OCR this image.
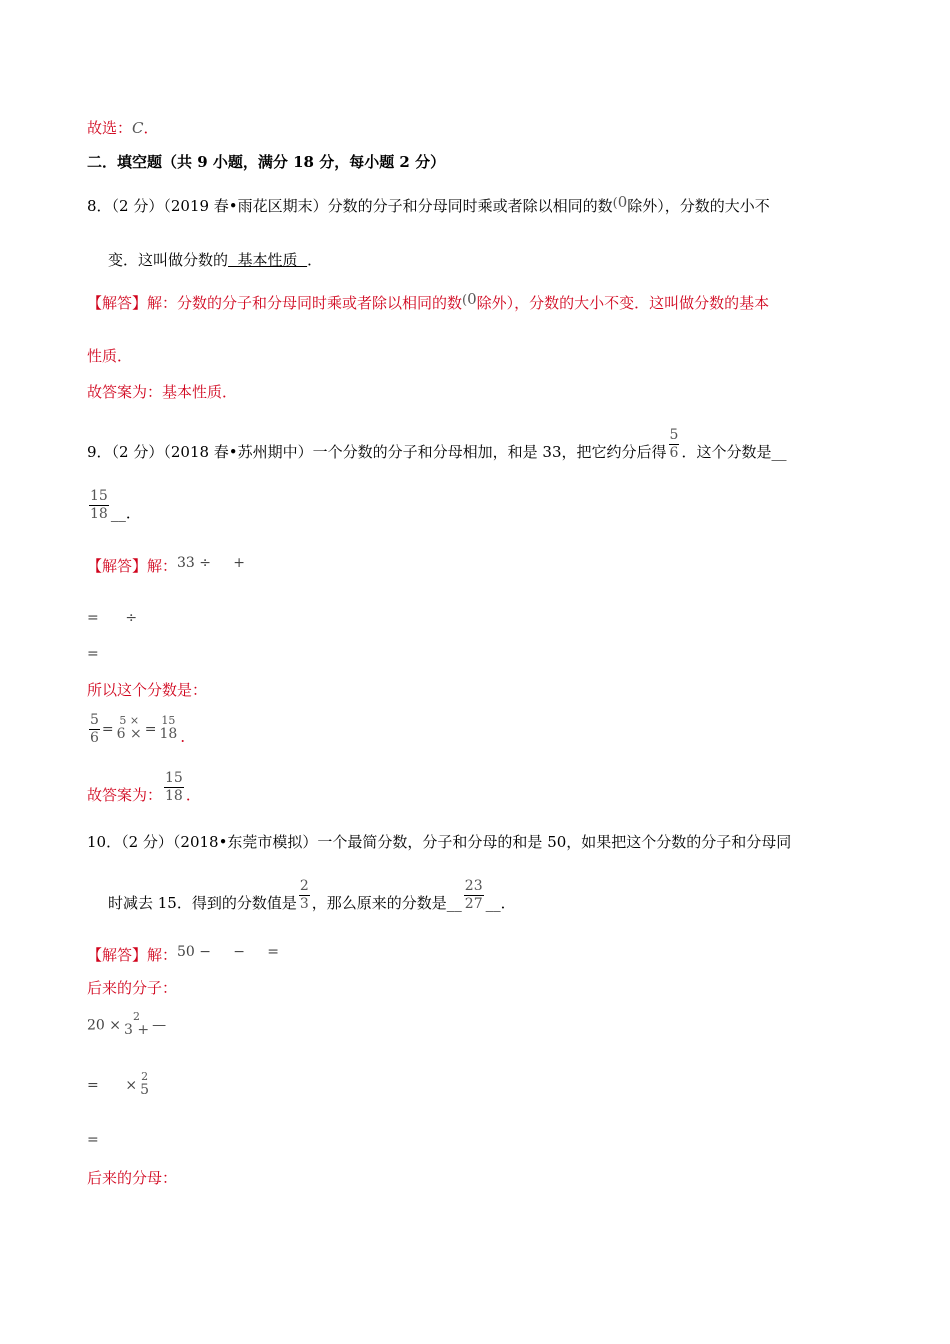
故选：C．
二．填空题（共 9 小题，满分 18 分，每小题 2 分）
8．（2 分）（2019 春•雨花区期末）分数的分子和分母同时乘或者除以相同的数(0除外），分数的大小不
变．这叫做分数的  基本性质  ．
【解答】解：分数的分子和分母同时乘或者除以相同的数(0除外），分数的大小不变．这叫做分数的基本
性质．
故答案为：基本性质．
9．（2 分）（2018 春•苏州期中）一个分数的分子和分母相加，和是 33，把它约分后得 $\frac{5}{6}$ ．这个分数是__
$\frac{15}{18}$ __．
【解答】解：33 ÷     +
=      ÷
=
所以这个分数是：
$\frac{5}{6}$ =
5 ×
6 × =
15
18 ．
故答案为： $\frac{15}{18}$ ．
10．（2 分）（2018•东莞市模拟）一个最简分数，分子和分母的和是 50，如果把这个分数的分子和分母同
时减去 15．得到的分数值是 $\frac{2}{3}$ ，那么原来的分数是__ $\frac{23}{27}$ __．
【解答】解：50 −     −     =
后来的分子：
20 ×
2
3 + —
=      ×
2
5
=
后来的分母：
